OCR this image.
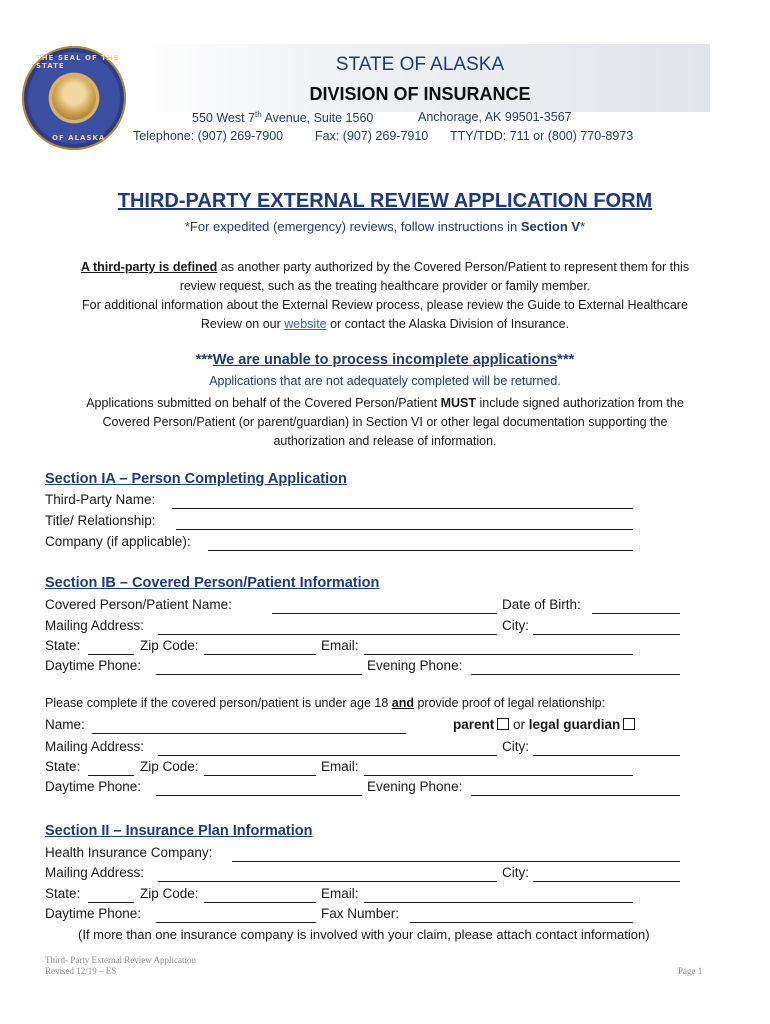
THE SEAL OF THE STATE
OF ALASKA
STATE OF ALASKA
DIVISION OF INSURANCE
550 West 7th Avenue, Suite 1560	Anchorage, AK 99501-3567
Telephone: (907) 269-7900	Fax: (907) 269-7910 TTY/TDD: 711 or (800) 770-8973
THIRD-PARTY EXTERNAL REVIEW APPLICATION FORM
*For expedited (emergency) reviews, follow instructions in Section V*
A third-party is defined as another party authorized by the Covered Person/Patient to represent them for this
review request, such as the treating healthcare provider or family member.
For additional information about the External Review process, please review the Guide to External Healthcare
Review on our website or contact the Alaska Division of Insurance.
***We are unable to process incomplete applications***
Applications that are not adequately completed will be returned.
Applications submitted on behalf of the Covered Person/Patient MUST include signed authorization from the
Covered Person/Patient (or parent/guardian) in Section VI or other legal documentation supporting the
authorization and release of information.
Section IA – Person Completing Application
Third-Party Name:
Title/ Relationship:
Company (if applicable):
Section IB – Covered Person/Patient Information
Covered Person/Patient Name:	Date of Birth:
Mailing Address:	City:
State:	Zip Code:	Email:
Daytime Phone:	Evening Phone:
Please complete if the covered person/patient is under age 18 and provide proof of legal relationship:
Name:	parent or legal guardian
Mailing Address:	City:
State:	Zip Code:	Email:
Daytime Phone:	Evening Phone:
Section II – Insurance Plan Information
Health Insurance Company:
Mailing Address:	City:
State:	Zip Code:	Email:
Daytime Phone:	Fax Number:
(If more than one insurance company is involved with your claim, please attach contact information)
Third- Party External Review Application
Revised 12/19 – ES	Page 1
